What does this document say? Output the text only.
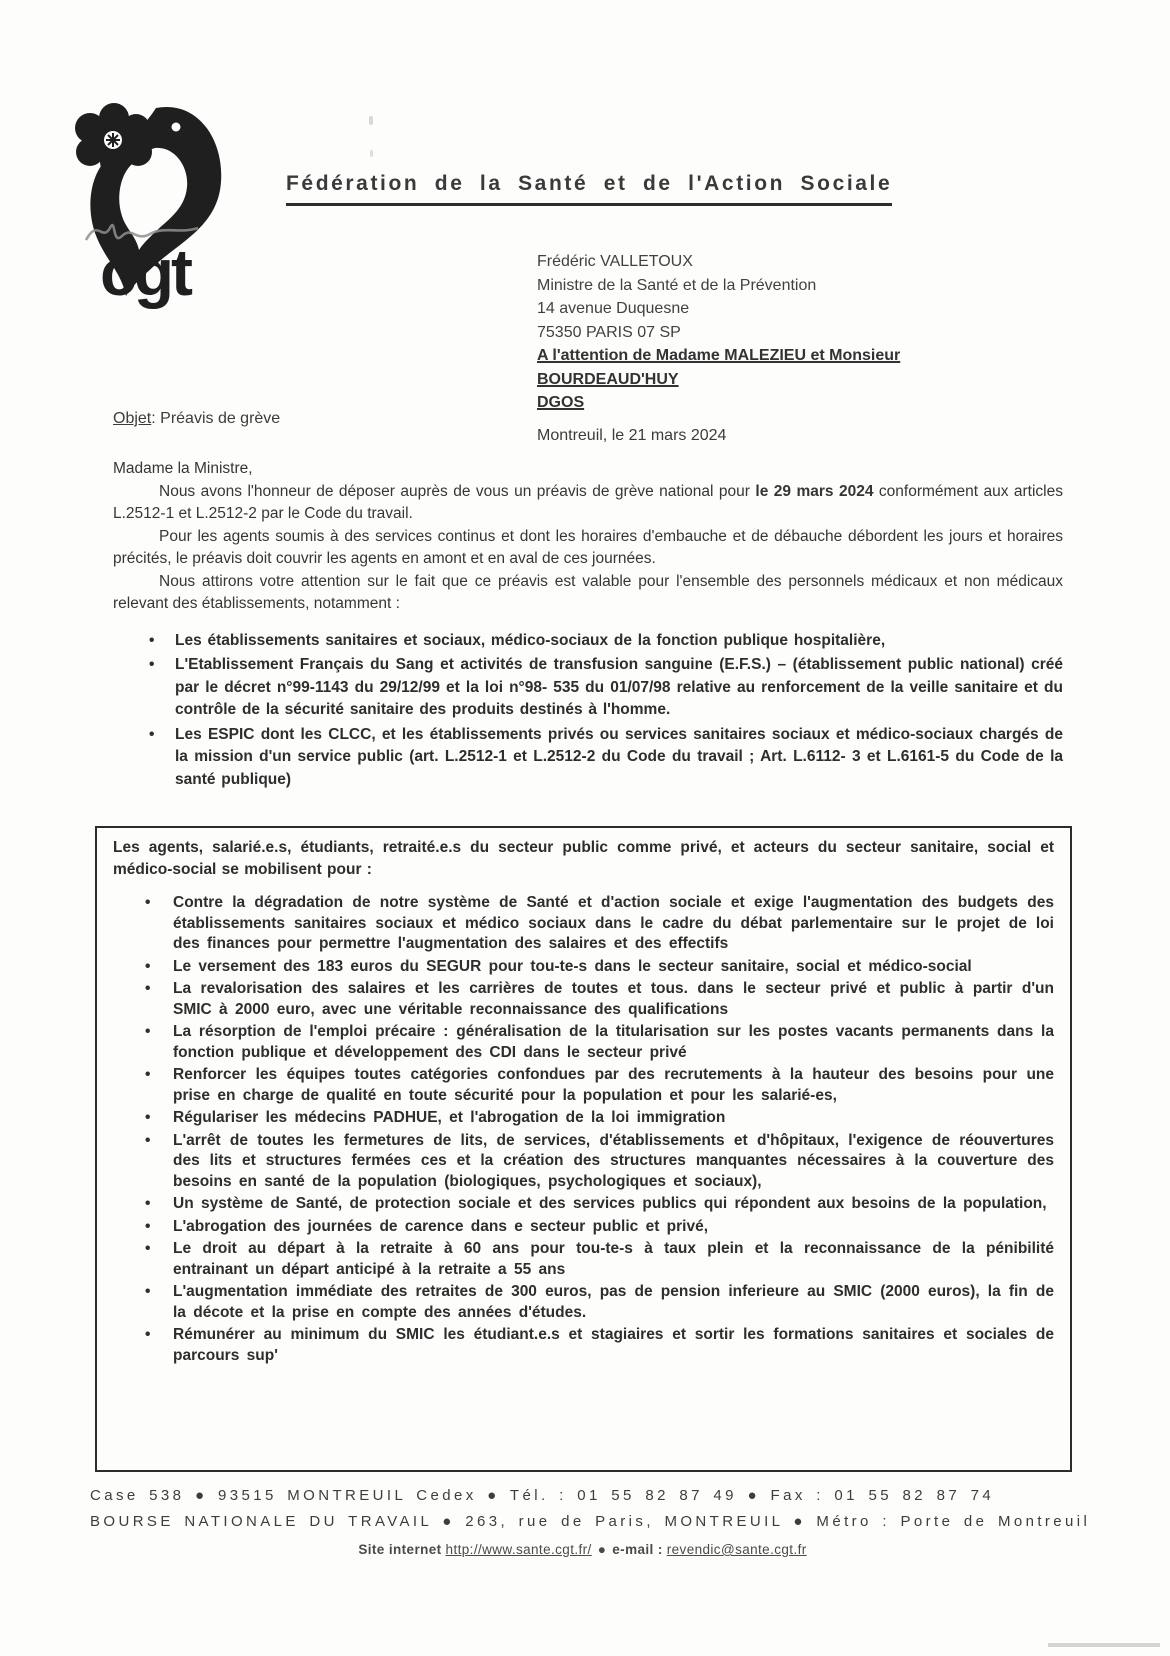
cgt
Fédération de la Santé et de l'Action Sociale
Frédéric VALLETOUX
Ministre de la Santé et de la Prévention
14 avenue Duquesne
75350 PARIS 07 SP
A l'attention de Madame MALEZIEU et Monsieur
BOURDEAUD'HUY
DGOS
Objet: Préavis de grève
Montreuil, le 21 mars 2024

Madame la Ministre,

Nous avons l'honneur de déposer auprès de vous un préavis de grève national pour le 29 mars 2024 conformément aux articles L.2512-1 et L.2512-2 par le Code du travail.

Pour les agents soumis à des services continus et dont les horaires d'embauche et de débauche débordent les jours et horaires précités, le préavis doit couvrir les agents en amont et en aval de ces journées.

Nous attirons votre attention sur le fait que ce préavis est valable pour l'ensemble des personnels médicaux et non médicaux relevant des établissements, notamment :

• Les établissements sanitaires et sociaux, médico-sociaux de la fonction publique hospitalière,
• L'Etablissement Français du Sang et activités de transfusion sanguine (E.F.S.) – (établissement public national) créé par le décret n°99-1143 du 29/12/99 et la loi n°98- 535 du 01/07/98 relative au renforcement de la veille sanitaire et du contrôle de la sécurité sanitaire des produits destinés à l'homme.
• Les ESPIC dont les CLCC, et les établissements privés ou services sanitaires sociaux et médico-sociaux chargés de la mission d'un service public (art. L.2512-1 et L.2512-2 du Code du travail ; Art. L.6112- 3 et L.6161-5 du Code de la santé publique)

Les agents, salarié.e.s, étudiants, retraité.e.s du secteur public comme privé, et acteurs du secteur sanitaire, social et médico-social se mobilisent pour :

• Contre la dégradation de notre système de Santé et d'action sociale et exige l'augmentation des budgets des établissements sanitaires sociaux et médico sociaux dans le cadre du débat parlementaire sur le projet de loi des finances pour permettre l'augmentation des salaires et des effectifs
• Le versement des 183 euros du SEGUR pour tou-te-s dans le secteur sanitaire, social et médico-social
• La revalorisation des salaires et les carrières de toutes et tous. dans le secteur privé et public à partir d'un SMIC à 2000 euro, avec une véritable reconnaissance des qualifications
• La résorption de l'emploi précaire : généralisation de la titularisation sur les postes vacants permanents dans la fonction publique et développement des CDI dans le secteur privé
• Renforcer les équipes toutes catégories confondues par des recrutements à la hauteur des besoins pour une prise en charge de qualité en toute sécurité pour la population et pour les salarié-es,
• Régulariser les médecins PADHUE, et l'abrogation de la loi immigration
• L'arrêt de toutes les fermetures de lits, de services, d'établissements et d'hôpitaux, l'exigence de réouvertures des lits et structures fermées ces et la création des structures manquantes nécessaires à la couverture des besoins en santé de la population (biologiques, psychologiques et sociaux),
• Un système de Santé, de protection sociale et des services publics qui répondent aux besoins de la population,
• L'abrogation des journées de carence dans e secteur public et privé,
• Le droit au départ à la retraite à 60 ans pour tou-te-s à taux plein et la reconnaissance de la pénibilité entrainant un départ anticipé à la retraite a 55 ans
• L'augmentation immédiate des retraites de 300 euros, pas de pension inferieure au SMIC (2000 euros), la fin de la décote et la prise en compte des années d'études.
• Rémunérer au minimum du SMIC les étudiant.e.s et stagiaires et sortir les formations sanitaires et sociales de parcours sup'
Case 538 ● 93515 MONTREUIL Cedex ● Tél. : 01 55 82 87 49 ● Fax : 01 55 82 87 74
BOURSE NATIONALE DU TRAVAIL ● 263, rue de Paris, MONTREUIL ● Métro : Porte de Montreuil
Site internet http://www.sante.cgt.fr/ ● e-mail : revendic@sante.cgt.fr
